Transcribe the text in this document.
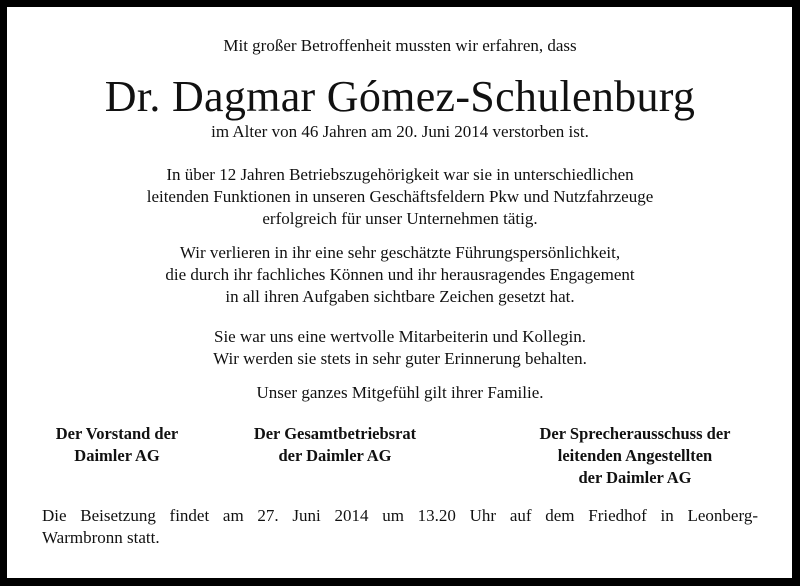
Mit großer Betroffenheit mussten wir erfahren, dass
Dr. Dagmar Gómez-Schulenburg
im Alter von 46 Jahren am 20. Juni 2014 verstorben ist.
In über 12 Jahren Betriebszugehörigkeit war sie in unterschiedlichen
leitenden Funktionen in unseren Geschäftsfeldern Pkw und Nutzfahrzeuge
erfolgreich für unser Unternehmen tätig.
Wir verlieren in ihr eine sehr geschätzte Führungspersönlichkeit,
die durch ihr fachliches Können und ihr herausragendes Engagement
in all ihren Aufgaben sichtbare Zeichen gesetzt hat.
Sie war uns eine wertvolle Mitarbeiterin und Kollegin.
Wir werden sie stets in sehr guter Erinnerung behalten.
Unser ganzes Mitgefühl gilt ihrer Familie.
Der Vorstand der
Daimler AG
Der Gesamtbetriebsrat
der Daimler AG
Der Sprecherausschuss der
leitenden Angestellten
der Daimler AG
Die Beisetzung findet am 27. Juni 2014 um 13.20 Uhr auf dem Friedhof in Leonberg-
Warmbronn statt.
